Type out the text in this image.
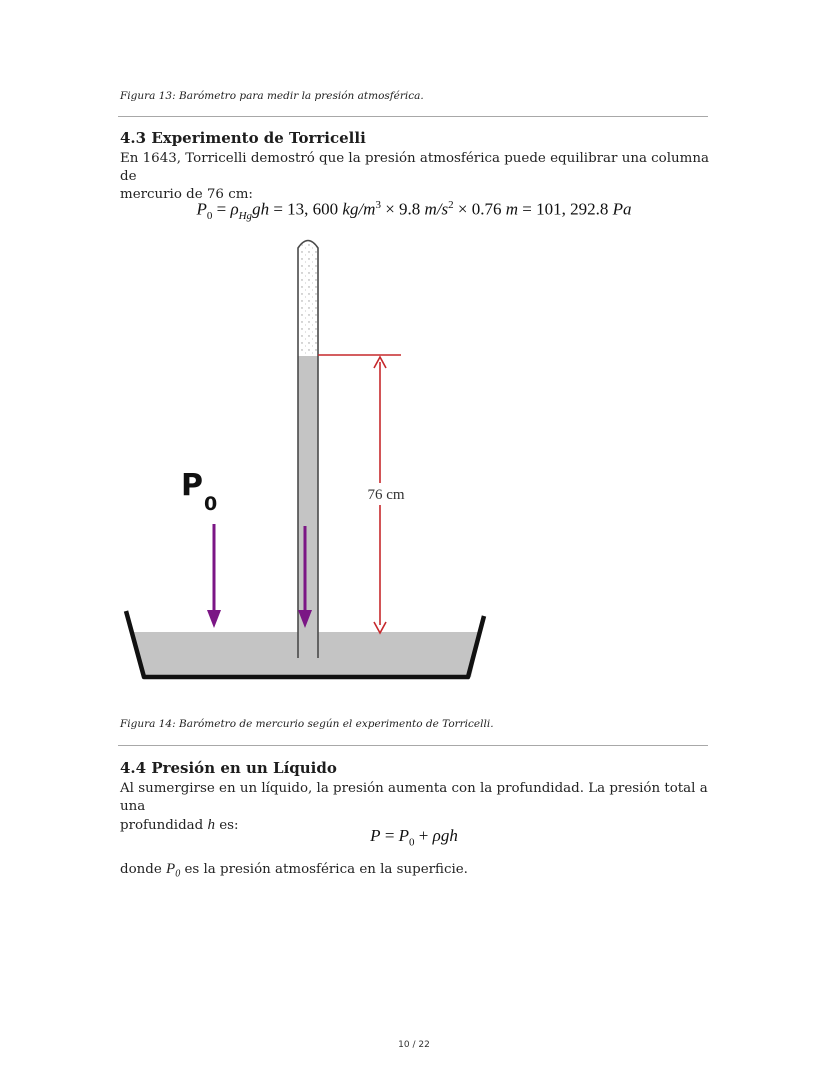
Figura 13: Barómetro para medir la presión atmosférica.
4.3 Experimento de Torricelli
En 1643, Torricelli demostró que la presión atmosférica puede equilibrar una columna de
mercurio de 76 cm:
$P_0 = \rho_{Hg}gh = 13$, 600 $kg/m^3 \times 9.8$ $m/s^2 \times 0.76$ m = 101, 292.8 Pa
76 cm
$P_0$
Figura 14: Barómetro de mercurio según el experimento de Torricelli.
4.4 Presión en un Líquido
Al sumergirse en un líquido, la presión aumenta con la profundidad. La presión total a una
profundidad h es:
$P = P_0 + \rho gh$
donde $P_0$ es la presión atmosférica en la superficie.
10 / 22
